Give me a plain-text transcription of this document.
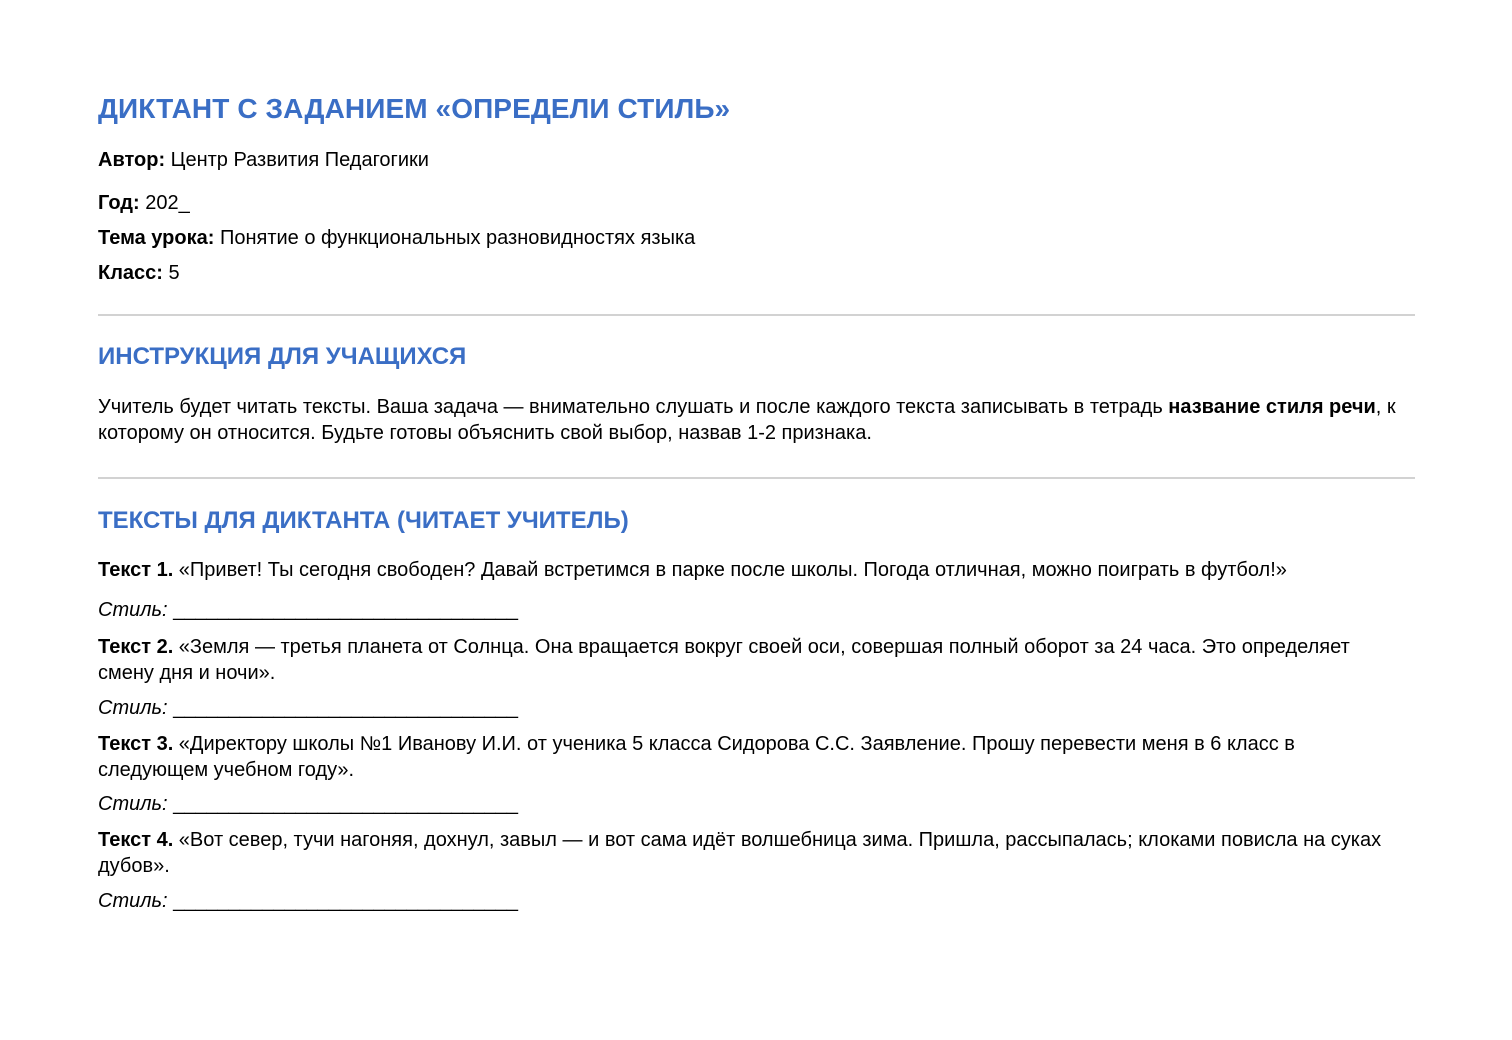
ДИКТАНТ С ЗАДАНИЕМ «ОПРЕДЕЛИ СТИЛЬ»

Автор: Центр Развития Педагогики

Год: 202_

Тема урока: Понятие о функциональных разновидностях языка

Класс: 5

ИНСТРУКЦИЯ ДЛЯ УЧАЩИХСЯ

Учитель будет читать тексты. Ваша задача — внимательно слушать и после каждого текста записывать в тетрадь название стиля речи, к которому он относится. Будьте готовы объяснить свой выбор, назвав 1-2 признака.

ТЕКСТЫ ДЛЯ ДИКТАНТА (ЧИТАЕТ УЧИТЕЛЬ)

Текст 1. «Привет! Ты сегодня свободен? Давай встретимся в парке после школы. Погода отличная, можно поиграть в футбол!»

Стиль: _______________________________

Текст 2. «Земля — третья планета от Солнца. Она вращается вокруг своей оси, совершая полный оборот за 24 часа. Это определяет смену дня и ночи».

Стиль: _______________________________

Текст 3. «Директору школы №1 Иванову И.И. от ученика 5 класса Сидорова С.С. Заявление. Прошу перевести меня в 6 класс в следующем учебном году».

Стиль: _______________________________

Текст 4. «Вот север, тучи нагоняя, дохнул, завыл — и вот сама идёт волшебница зима. Пришла, рассыпалась; клоками повисла на суках дубов».

Стиль: _______________________________
